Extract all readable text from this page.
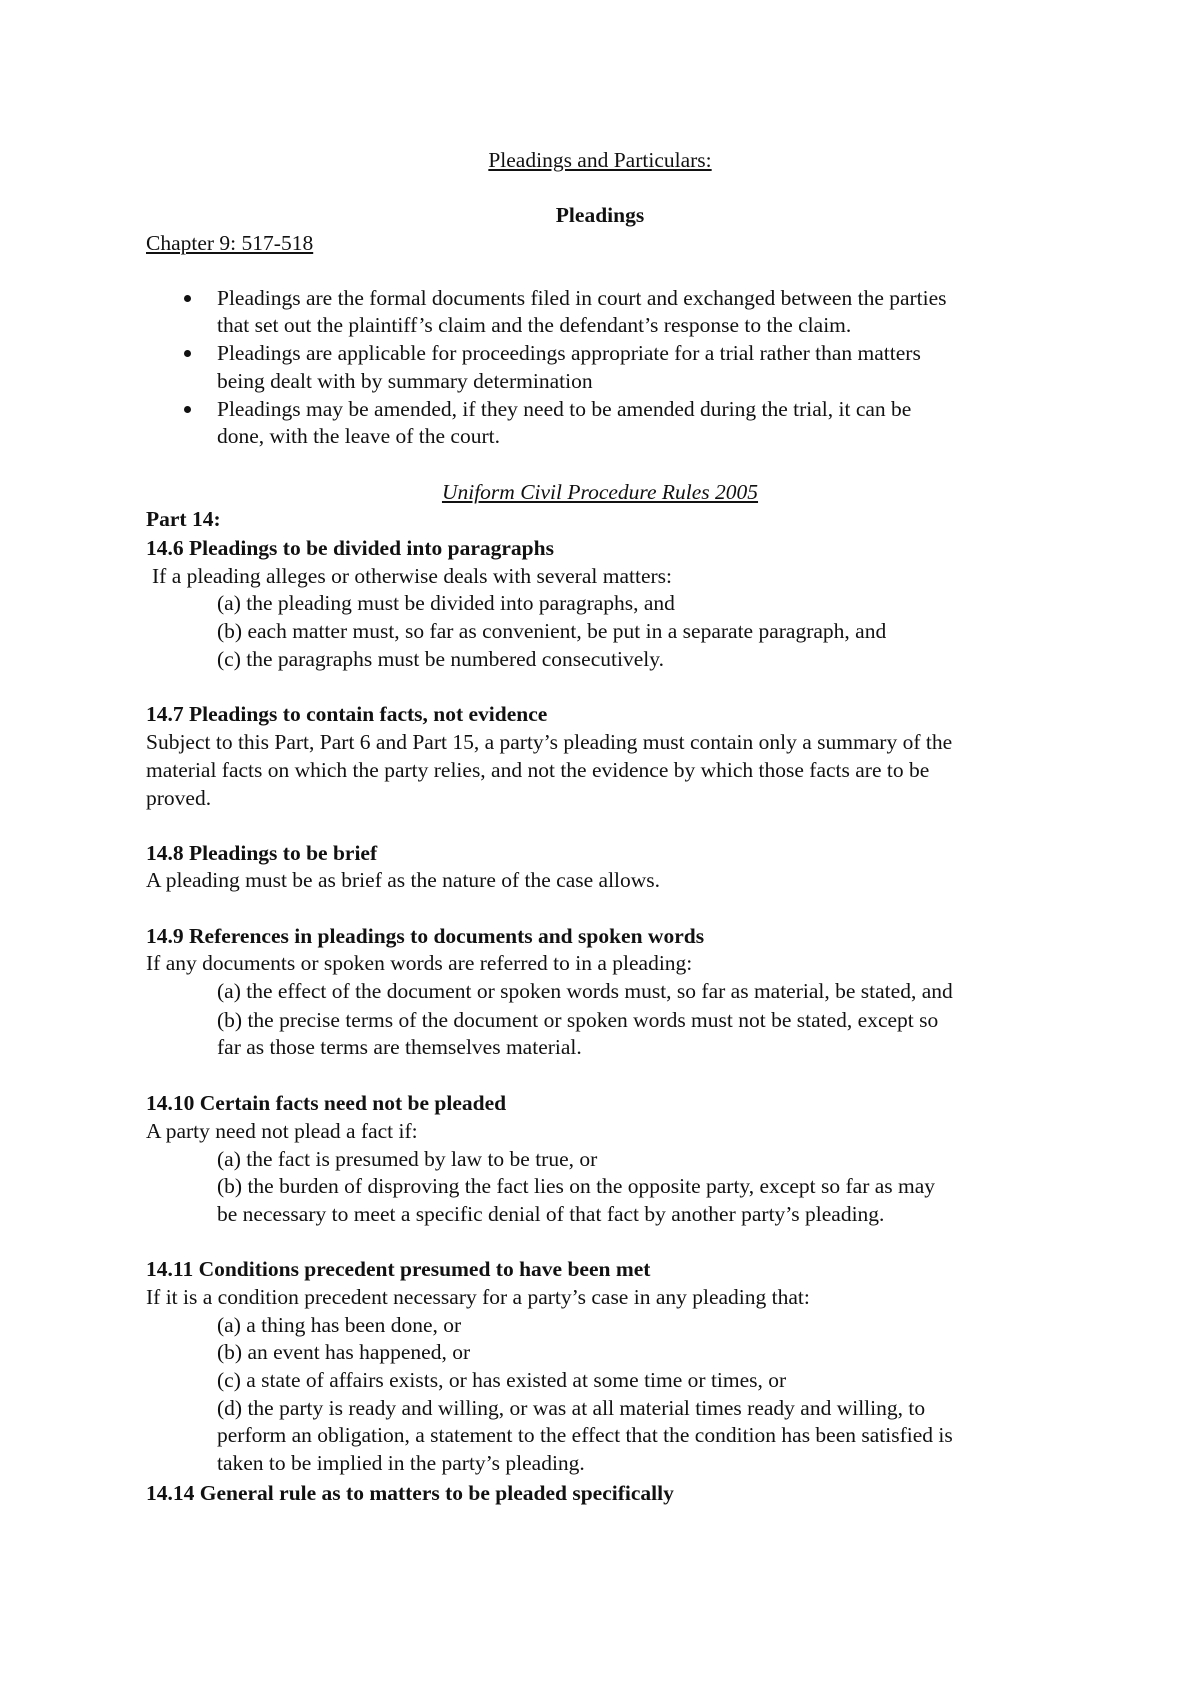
Pleadings and Particulars:
Pleadings
Chapter 9: 517-518
Pleadings are the formal documents filed in court and exchanged between the parties
that set out the plaintiff’s claim and the defendant’s response to the claim.
Pleadings are applicable for proceedings appropriate for a trial rather than matters
being dealt with by summary determination
Pleadings may be amended, if they need to be amended during the trial, it can be
done, with the leave of the court.
Uniform Civil Procedure Rules 2005
Part 14:
14.6 Pleadings to be divided into paragraphs
If a pleading alleges or otherwise deals with several matters:
(a) the pleading must be divided into paragraphs, and
(b) each matter must, so far as convenient, be put in a separate paragraph, and
(c) the paragraphs must be numbered consecutively.
14.7 Pleadings to contain facts, not evidence
Subject to this Part, Part 6 and Part 15, a party’s pleading must contain only a summary of the
material facts on which the party relies, and not the evidence by which those facts are to be
proved.
14.8 Pleadings to be brief
A pleading must be as brief as the nature of the case allows.
14.9 References in pleadings to documents and spoken words
If any documents or spoken words are referred to in a pleading:
(a) the effect of the document or spoken words must, so far as material, be stated, and
(b) the precise terms of the document or spoken words must not be stated, except so
far as those terms are themselves material.
14.10 Certain facts need not be pleaded
A party need not plead a fact if:
(a) the fact is presumed by law to be true, or
(b) the burden of disproving the fact lies on the opposite party, except so far as may
be necessary to meet a specific denial of that fact by another party’s pleading.
14.11 Conditions precedent presumed to have been met
If it is a condition precedent necessary for a party’s case in any pleading that:
(a) a thing has been done, or
(b) an event has happened, or
(c) a state of affairs exists, or has existed at some time or times, or
(d) the party is ready and willing, or was at all material times ready and willing, to
perform an obligation, a statement to the effect that the condition has been satisfied is
taken to be implied in the party’s pleading.
14.14 General rule as to matters to be pleaded specifically
